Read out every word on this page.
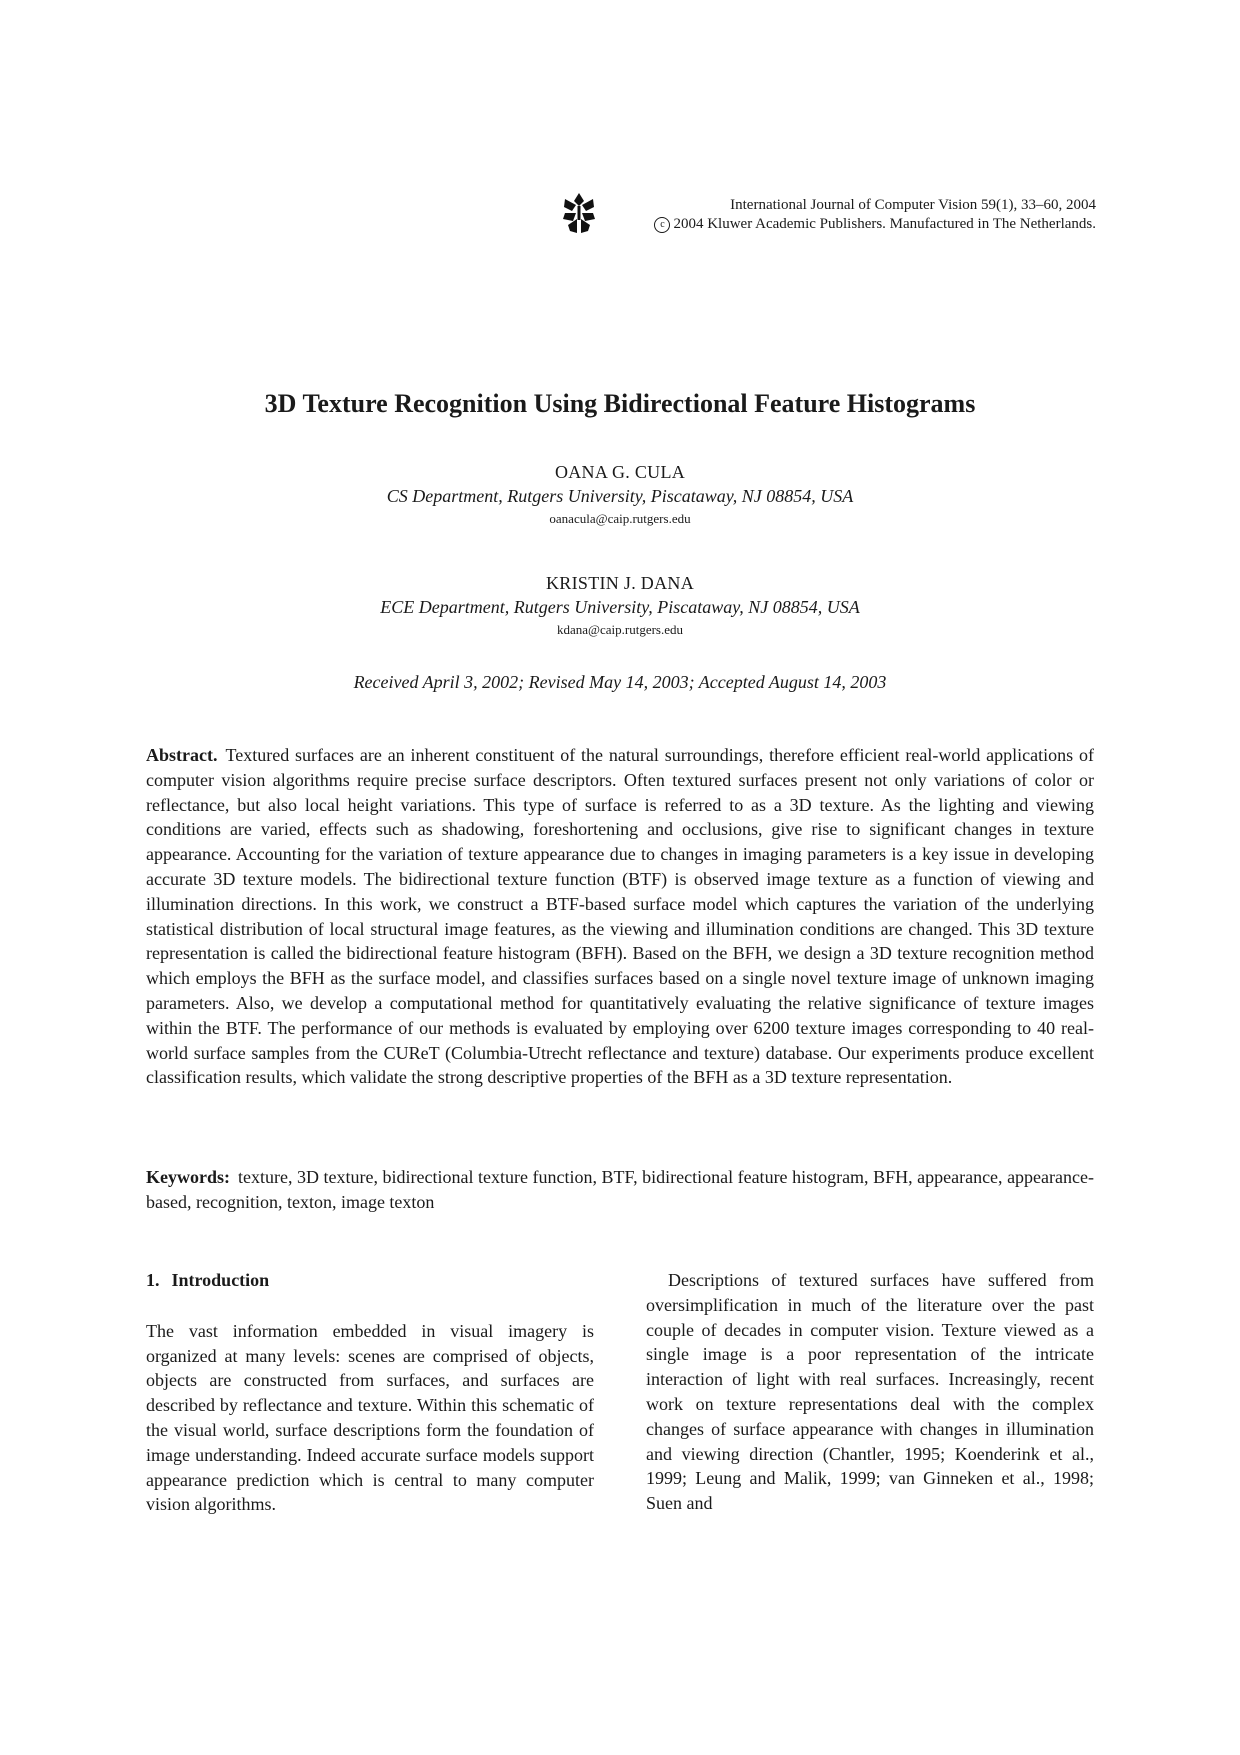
International Journal of Computer Vision 59(1), 33–60, 2004
c 2004 Kluwer Academic Publishers. Manufactured in The Netherlands.
3D Texture Recognition Using Bidirectional Feature Histograms
OANA G. CULA
CS Department, Rutgers University, Piscataway, NJ 08854, USA
oanacula@caip.rutgers.edu
KRISTIN J. DANA
ECE Department, Rutgers University, Piscataway, NJ 08854, USA
kdana@caip.rutgers.edu
Received April 3, 2002; Revised May 14, 2003; Accepted August 14, 2003
Abstract. Textured surfaces are an inherent constituent of the natural surroundings, therefore efficient real-world applications of computer vision algorithms require precise surface descriptors. Often textured surfaces present not only variations of color or reflectance, but also local height variations. This type of surface is referred to as a 3D texture. As the lighting and viewing conditions are varied, effects such as shadowing, foreshortening and occlusions, give rise to significant changes in texture appearance. Accounting for the variation of texture appearance due to changes in imaging parameters is a key issue in developing accurate 3D texture models. The bidirectional texture function (BTF) is observed image texture as a function of viewing and illumination directions. In this work, we construct a BTF-based surface model which captures the variation of the underlying statistical distribution of local structural image features, as the viewing and illumination conditions are changed. This 3D texture representation is called the bidirectional feature histogram (BFH). Based on the BFH, we design a 3D texture recognition method which employs the BFH as the surface model, and classifies surfaces based on a single novel texture image of unknown imaging parameters. Also, we develop a computational method for quantitatively evaluating the relative significance of texture images within the BTF. The performance of our methods is evaluated by employing over 6200 texture images corresponding to 40 real-world surface samples from the CUReT (Columbia-Utrecht reflectance and texture) database. Our experiments produce excellent classification results, which validate the strong descriptive properties of the BFH as a 3D texture representation.
Keywords: texture, 3D texture, bidirectional texture function, BTF, bidirectional feature histogram, BFH, appearance, appearance-based, recognition, texton, image texton
1. Introduction

The vast information embedded in visual imagery is organized at many levels: scenes are comprised of objects, objects are constructed from surfaces, and surfaces are described by reflectance and texture. Within this schematic of the visual world, surface descriptions form the foundation of image understanding. Indeed accurate surface models support appearance prediction which is central to many computer vision algorithms.

Descriptions of textured surfaces have suffered from oversimplification in much of the literature over the past couple of decades in computer vision. Texture viewed as a single image is a poor representation of the intricate interaction of light with real surfaces. Increasingly, recent work on texture representations deal with the complex changes of surface appearance with changes in illumination and viewing direction (Chantler, 1995; Koenderink et al., 1999; Leung and Malik, 1999; van Ginneken et al., 1998; Suen and
